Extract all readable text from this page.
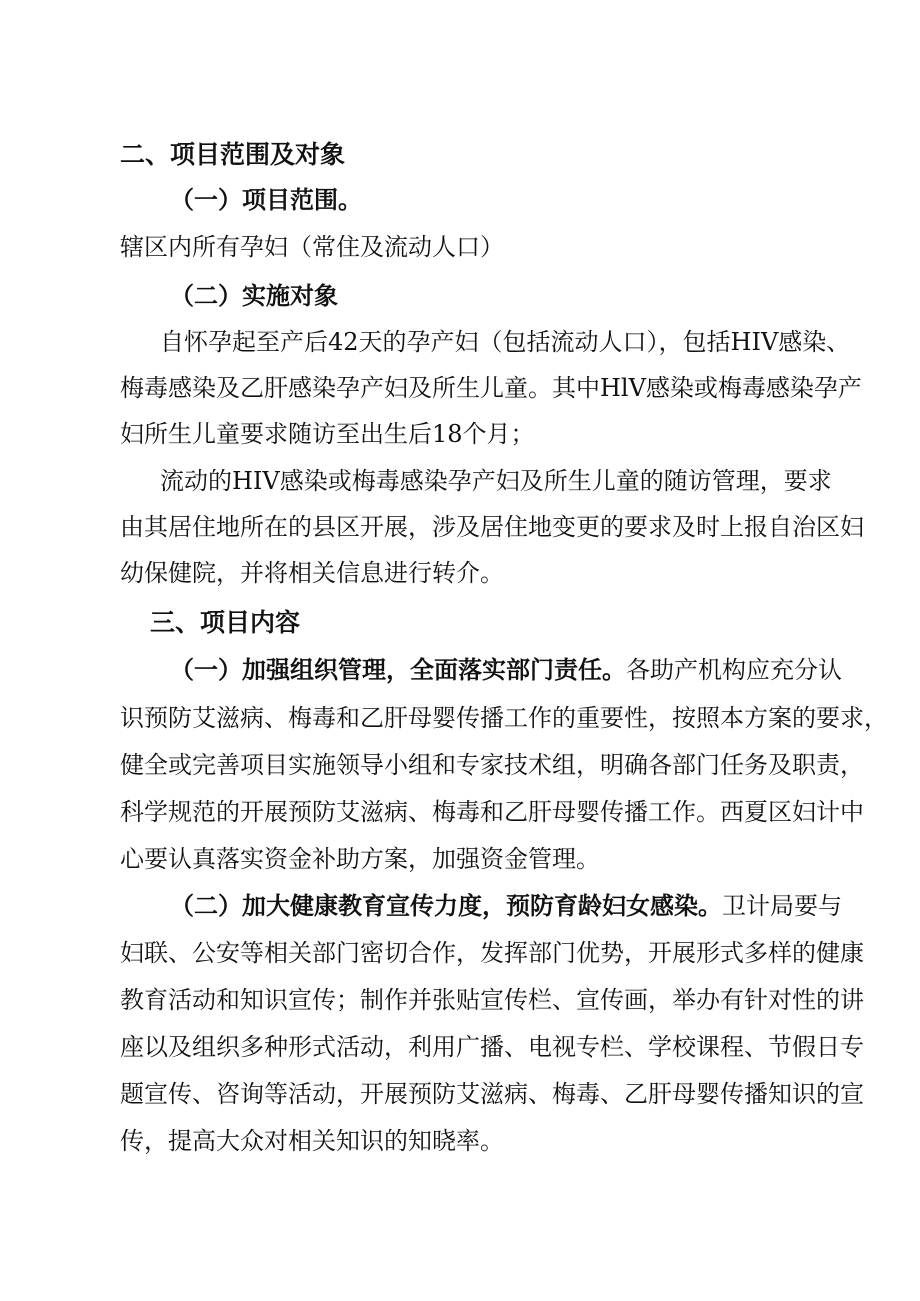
二、项目范围及对象
（一）项目范围。
辖区内所有孕妇（常住及流动人口）
（二）实施对象
自怀孕起至产后42天的孕产妇（包括流动人口），包括HIV感染、
梅毒感染及乙肝感染孕产妇及所生儿童。其中HlV感染或梅毒感染孕产
妇所生儿童要求随访至出生后18个月；
流动的HIV感染或梅毒感染孕产妇及所生儿童的随访管理，要求
由其居住地所在的县区开展，涉及居住地变更的要求及时上报自治区妇
幼保健院，并将相关信息进行转介。
三、项目内容
（一）加强组织管理，全面落实部门责任。 各助产机构应充分认
识预防艾滋病、梅毒和乙肝母婴传播工作的重要性，按照本方案的要求，
健全或完善项目实施领导小组和专家技术组，明确各部门任务及职责，
科学规范的开展预防艾滋病、梅毒和乙肝母婴传播工作。西夏区妇计中
心要认真落实资金补助方案，加强资金管理。
（二）加大健康教育宣传力度，预防育龄妇女感染。 卫计局要与
妇联、公安等相关部门密切合作，发挥部门优势，开展形式多样的健康
教育活动和知识宣传；制作并张贴宣传栏、宣传画，举办有针对性的讲
座以及组织多种形式活动，利用广播、电视专栏、学校课程、节假日专
题宣传、咨询等活动，开展预防艾滋病、梅毒、乙肝母婴传播知识的宣
传，提高大众对相关知识的知晓率。
